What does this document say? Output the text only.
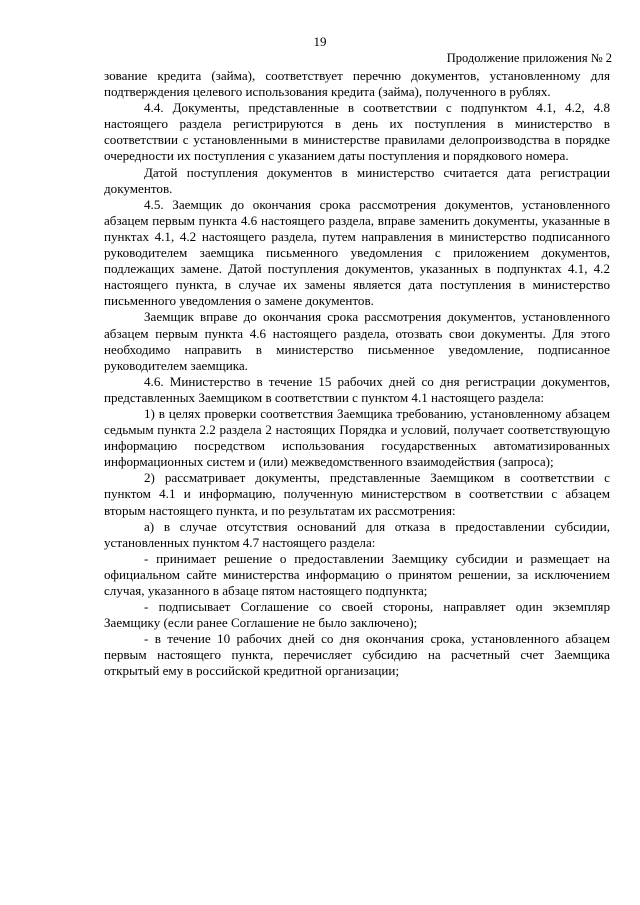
19
Продолжение приложения № 2

зование кредита (займа), соответствует перечню документов, установленному для подтверждения целевого использования кредита (займа), полученного в рублях.

4.4. Документы, представленные в соответствии с подпунктом 4.1, 4.2, 4.8 настоящего раздела регистрируются в день их поступления в министерство в соответствии с установленными в министерстве правилами делопроизводства в порядке очередности их поступления с указанием даты поступления и порядкового номера.

Датой поступления документов в министерство считается дата регистрации документов.

4.5. Заемщик до окончания срока рассмотрения документов, установленного абзацем первым пункта 4.6 настоящего раздела, вправе заменить документы, указанные в пунктах 4.1, 4.2 настоящего раздела, путем направления в министерство подписанного руководителем заемщика письменного уведомления с приложением документов, подлежащих замене. Датой поступления документов, указанных в подпунктах 4.1, 4.2 настоящего пункта, в случае их замены является дата поступления в министерство письменного уведомления о замене документов.

Заемщик вправе до окончания срока рассмотрения документов, установленного абзацем первым пункта 4.6 настоящего раздела, отозвать свои документы. Для этого необходимо направить в министерство письменное уведомление, подписанное руководителем заемщика.

4.6. Министерство в течение 15 рабочих дней со дня регистрации документов, представленных Заемщиком в соответствии с пунктом 4.1 настоящего раздела:

1) в целях проверки соответствия Заемщика требованию, установленному абзацем седьмым пункта 2.2 раздела 2 настоящих Порядка и условий, получает соответствующую информацию посредством использования государственных автоматизированных информационных систем и (или) межведомственного взаимодействия (запроса);

2) рассматривает документы, представленные Заемщиком в соответствии с пунктом 4.1 и информацию, полученную министерством в соответствии с абзацем вторым настоящего пункта, и по результатам их рассмотрения:

а) в случае отсутствия оснований для отказа в предоставлении субсидии, установленных пунктом 4.7 настоящего раздела:

- принимает решение о предоставлении Заемщику субсидии и размещает на официальном сайте министерства информацию о принятом решении, за исключением случая, указанного в абзаце пятом настоящего подпункта;

- подписывает Соглашение со своей стороны, направляет один экземпляр Заемщику (если ранее Соглашение не было заключено);

- в течение 10 рабочих дней со дня окончания срока, установленного абзацем первым настоящего пункта, перечисляет субсидию на расчетный счет Заемщика открытый ему в российской кредитной организации;
